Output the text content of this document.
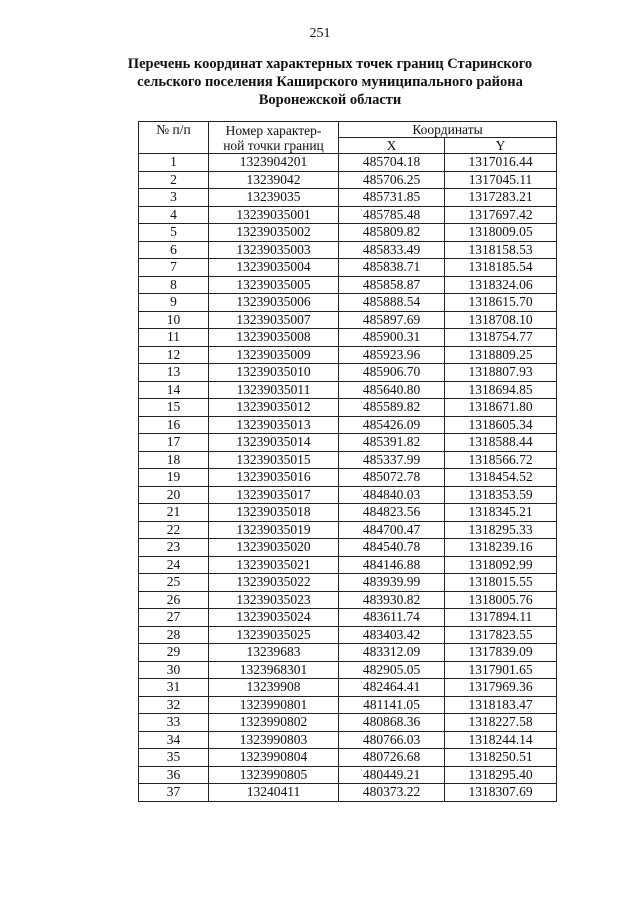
251
Перечень координат характерных точек границ Старинского
сельского поселения Каширского муниципального района
Воронежской области
№ п/п	Номер характер-
ной точки границ	Координаты	
		X	Y
1	1323904201	485704.18	1317016.44
2	13239042	485706.25	1317045.11
3	13239035	485731.85	1317283.21
4	13239035001	485785.48	1317697.42
5	13239035002	485809.82	1318009.05
6	13239035003	485833.49	1318158.53
7	13239035004	485838.71	1318185.54
8	13239035005	485858.87	1318324.06
9	13239035006	485888.54	1318615.70
10	13239035007	485897.69	1318708.10
11	13239035008	485900.31	1318754.77
12	13239035009	485923.96	1318809.25
13	13239035010	485906.70	1318807.93
14	13239035011	485640.80	1318694.85
15	13239035012	485589.82	1318671.80
16	13239035013	485426.09	1318605.34
17	13239035014	485391.82	1318588.44
18	13239035015	485337.99	1318566.72
19	13239035016	485072.78	1318454.52
20	13239035017	484840.03	1318353.59
21	13239035018	484823.56	1318345.21
22	13239035019	484700.47	1318295.33
23	13239035020	484540.78	1318239.16
24	13239035021	484146.88	1318092.99
25	13239035022	483939.99	1318015.55
26	13239035023	483930.82	1318005.76
27	13239035024	483611.74	1317894.11
28	13239035025	483403.42	1317823.55
29	13239683	483312.09	1317839.09
30	1323968301	482905.05	1317901.65
31	13239908	482464.41	1317969.36
32	1323990801	481141.05	1318183.47
33	1323990802	480868.36	1318227.58
34	1323990803	480766.03	1318244.14
35	1323990804	480726.68	1318250.51
36	1323990805	480449.21	1318295.40
37	13240411	480373.22	1318307.69
